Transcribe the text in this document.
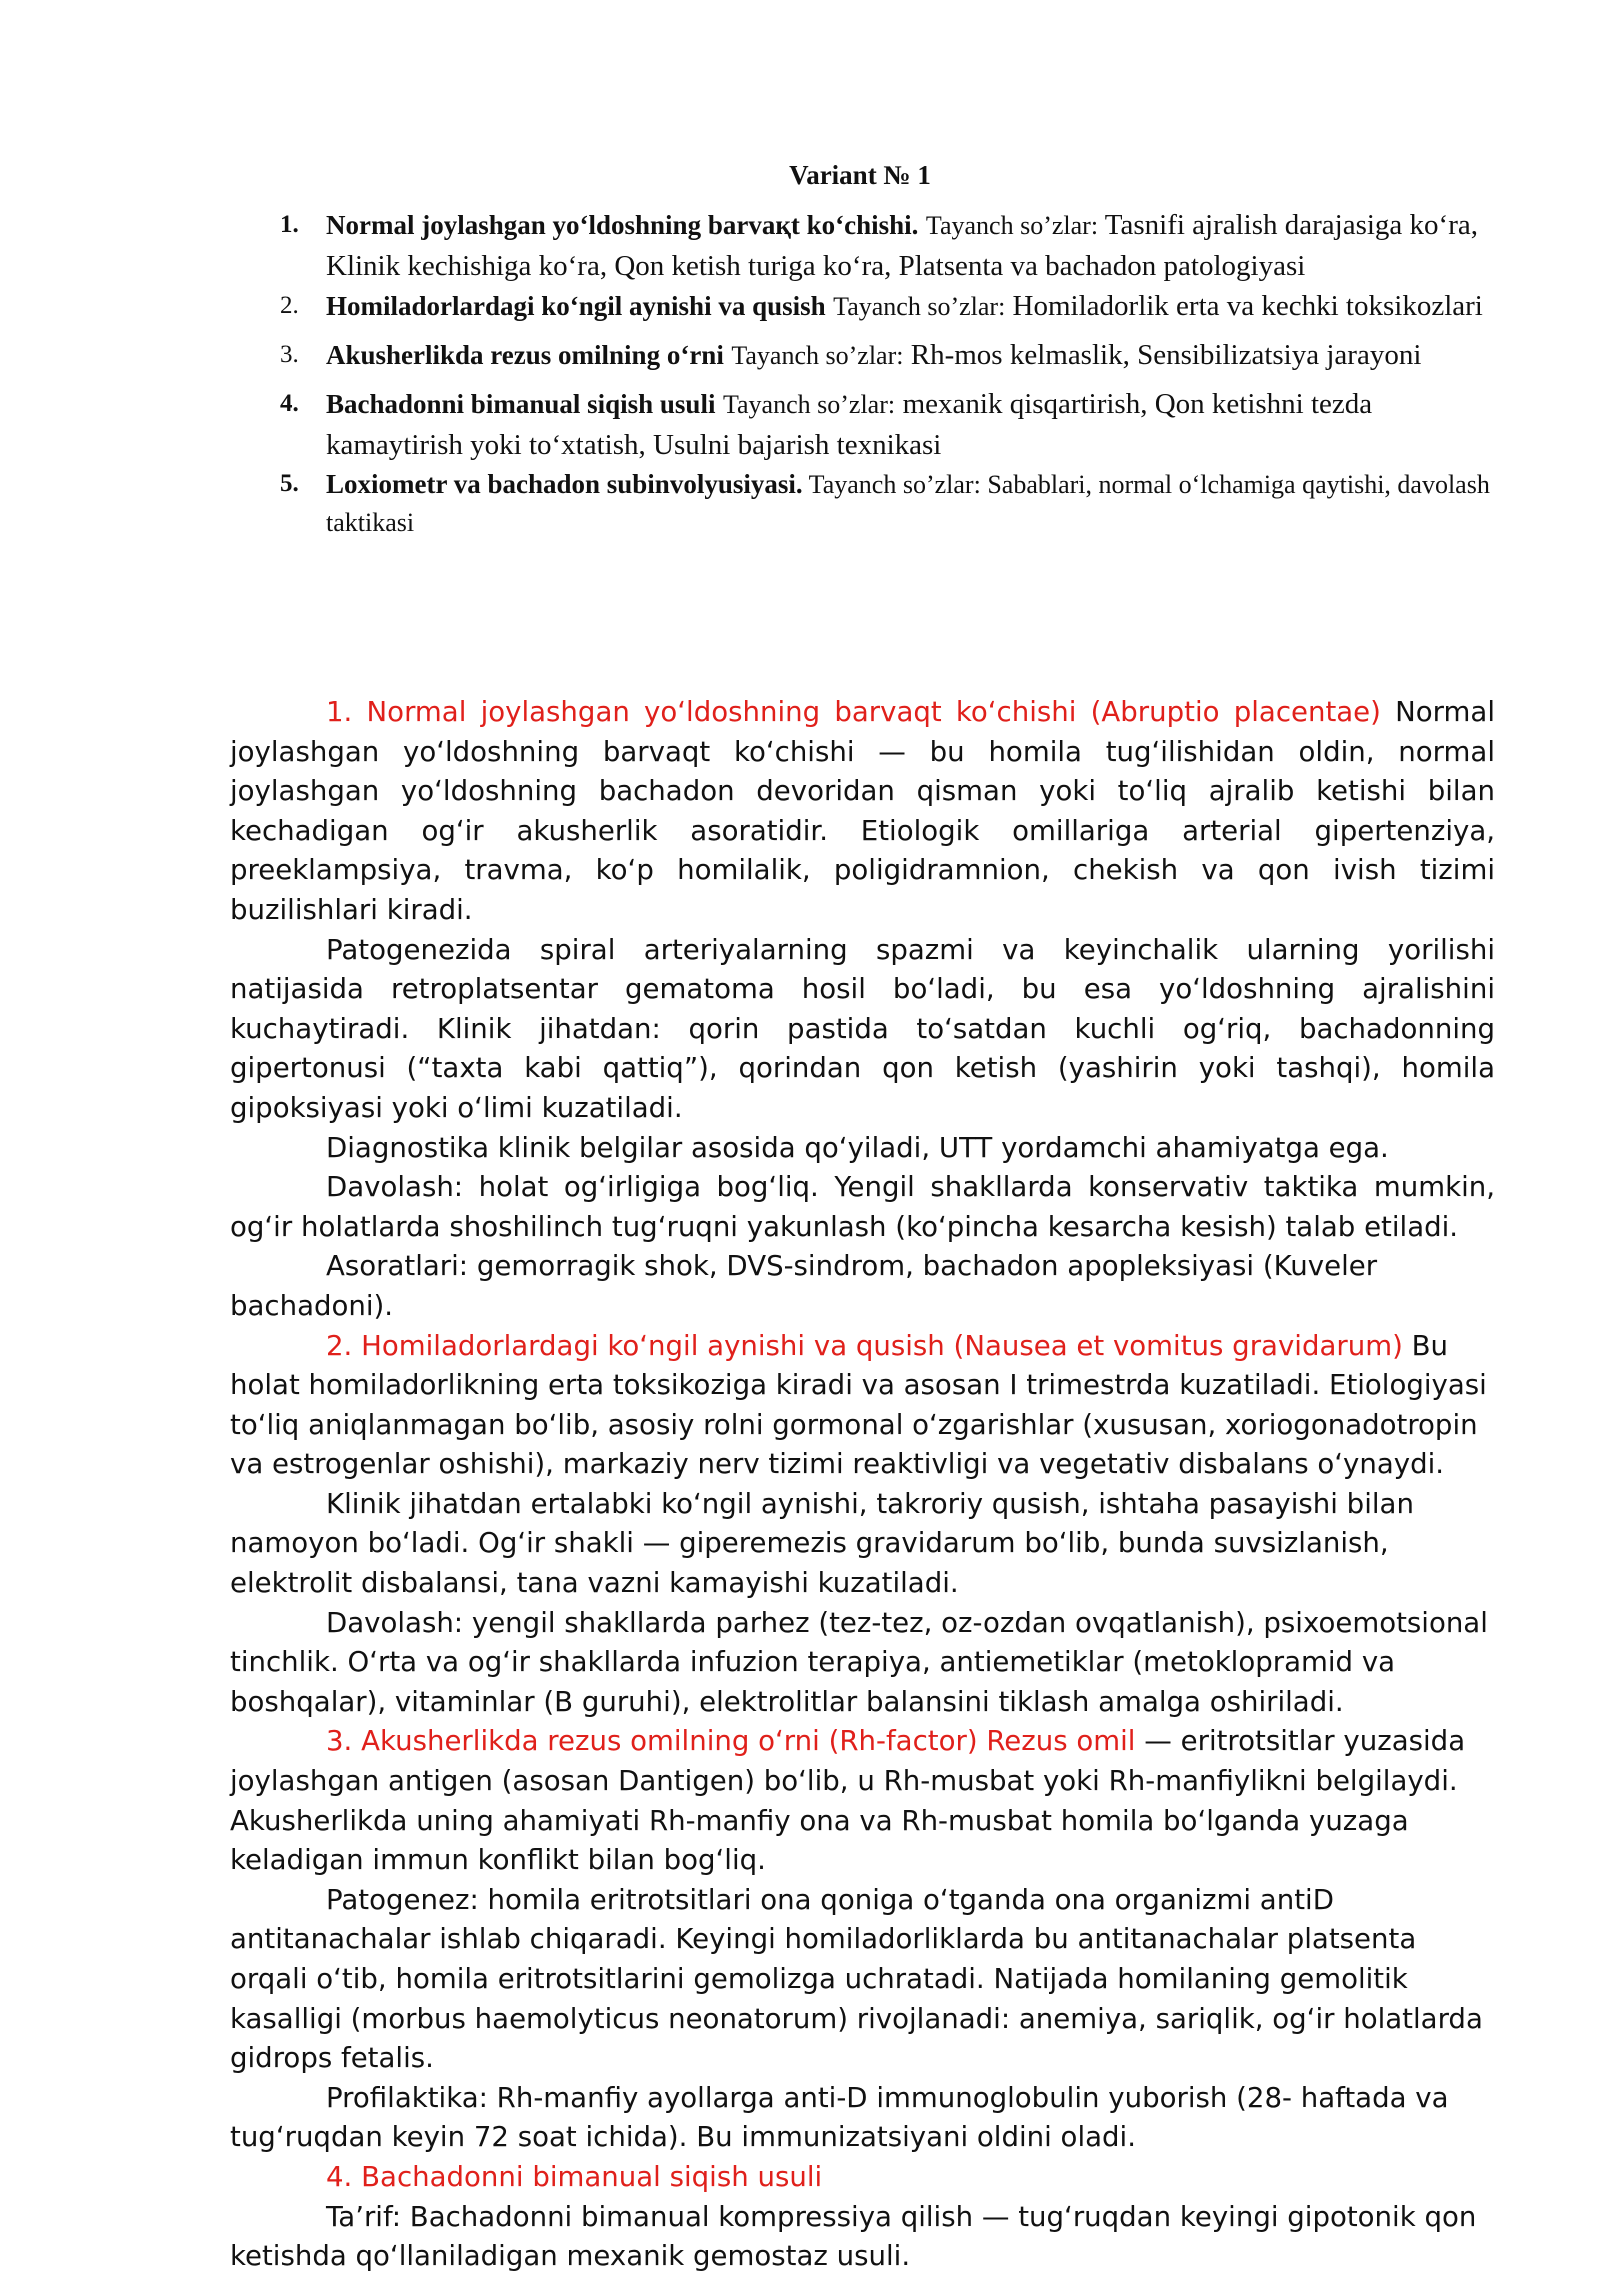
Variant № 1
1. Normal joylashgan yoʻldoshning barvaқt koʻchishi. Tayanch so’zlar: Tasnifi ajralish darajasiga koʻra, Klinik kechishiga koʻra, Qon ketish turiga koʻra, Platsenta va bachadon patologiyasi
2. Homiladorlardagi koʻngil aynishi va qusish Tayanch so’zlar: Homiladorlik erta va kechki toksikozlari
3. Akusherlikda rezus omilning oʻrni Tayanch so’zlar: Rh-mos kelmaslik, Sensibilizatsiya jarayoni
4. Bachadonni bimanual siqish usuli Tayanch so’zlar: mexanik qisqartirish, Qon ketishni tezda kamaytirish yoki toʻxtatish, Usulni bajarish texnikasi
5. Loxiometr va bachadon subinvolyusiyasi. Tayanch so’zlar: Sabablari, normal oʻlchamiga qaytishi, davolash taktikasi

1. Normal joylashgan yoʻldoshning barvaqt koʻchishi (Abruptio placentae) Normal joylashgan yoʻldoshning barvaqt koʻchishi — bu homila tugʻilishidan oldin, normal joylashgan yoʻldoshning bachadon devoridan qisman yoki toʻliq ajralib ketishi bilan kechadigan ogʻir akusherlik asoratidir. Etiologik omillariga arterial gipertenziya, preeklampsiya, travma, koʻp homilalik, poligidramnion, chekish va qon ivish tizimi buzilishlari kiradi.

Patogenezida spiral arteriyalarning spazmi va keyinchalik ularning yorilishi natijasida retroplatsentar gematoma hosil boʻladi, bu esa yoʻldoshning ajralishini kuchaytiradi. Klinik jihatdan: qorin pastida toʻsatdan kuchli ogʻriq, bachadonning gipertonusi (“taxta kabi qattiq”), qorindan qon ketish (yashirin yoki tashqi), homila gipoksiyasi yoki oʻlimi kuzatiladi.

Diagnostika klinik belgilar asosida qoʻyiladi, UTT yordamchi ahamiyatga ega.

Davolash: holat ogʻirligiga bogʻliq. Yengil shakllarda konservativ taktika mumkin, ogʻir holatlarda shoshilinch tugʻruqni yakunlash (koʻpincha kesarcha kesish) talab etiladi.

Asoratlari: gemorragik shok, DVS-sindrom, bachadon apopleksiyasi (Kuveler bachadoni).

2. Homiladorlardagi koʻngil aynishi va qusish (Nausea et vomitus gravidarum) Bu holat homiladorlikning erta toksikoziga kiradi va asosan I trimestrda kuzatiladi. Etiologiyasi toʻliq aniqlanmagan boʻlib, asosiy rolni gormonal oʻzgarishlar (xususan, xoriogonadotropin va estrogenlar oshishi), markaziy nerv tizimi reaktivligi va vegetativ disbalans oʻynaydi.

Klinik jihatdan ertalabki koʻngil aynishi, takroriy qusish, ishtaha pasayishi bilan namoyon boʻladi. Ogʻir shakli — giperemezis gravidarum boʻlib, bunda suvsizlanish, elektrolit disbalansi, tana vazni kamayishi kuzatiladi.

Davolash: yengil shakllarda parhez (tez-tez, oz-ozdan ovqatlanish), psixoemotsional tinchlik. Oʻrta va ogʻir shakllarda infuzion terapiya, antiemetiklar (metoklopramid va boshqalar), vitaminlar (B guruhi), elektrolitlar balansini tiklash amalga oshiriladi.

3. Akusherlikda rezus omilning oʻrni (Rh-factor) Rezus omil — eritrotsitlar yuzasida joylashgan antigen (asosan Dantigen) boʻlib, u Rh-musbat yoki Rh-manfiylikni belgilaydi. Akusherlikda uning ahamiyati Rh-manfiy ona va Rh-musbat homila boʻlganda yuzaga keladigan immun konflikt bilan bogʻliq.

Patogenez: homila eritrotsitlari ona qoniga oʻtganda ona organizmi antiD antitanachalar ishlab chiqaradi. Keyingi homiladorliklarda bu antitanachalar platsenta orqali oʻtib, homila eritrotsitlarini gemolizga uchratadi. Natijada homilaning gemolitik kasalligi (morbus haemolyticus neonatorum) rivojlanadi: anemiya, sariqlik, ogʻir holatlarda gidrops fetalis.

Profilaktika: Rh-manfiy ayollarga anti-D immunoglobulin yuborish (28- haftada va tugʻruqdan keyin 72 soat ichida). Bu immunizatsiyani oldini oladi.

4. Bachadonni bimanual siqish usuli

Ta’rif: Bachadonni bimanual kompressiya qilish — tugʻruqdan keyingi gipotonik qon ketishda qoʻllaniladigan mexanik gemostaz usuli.
